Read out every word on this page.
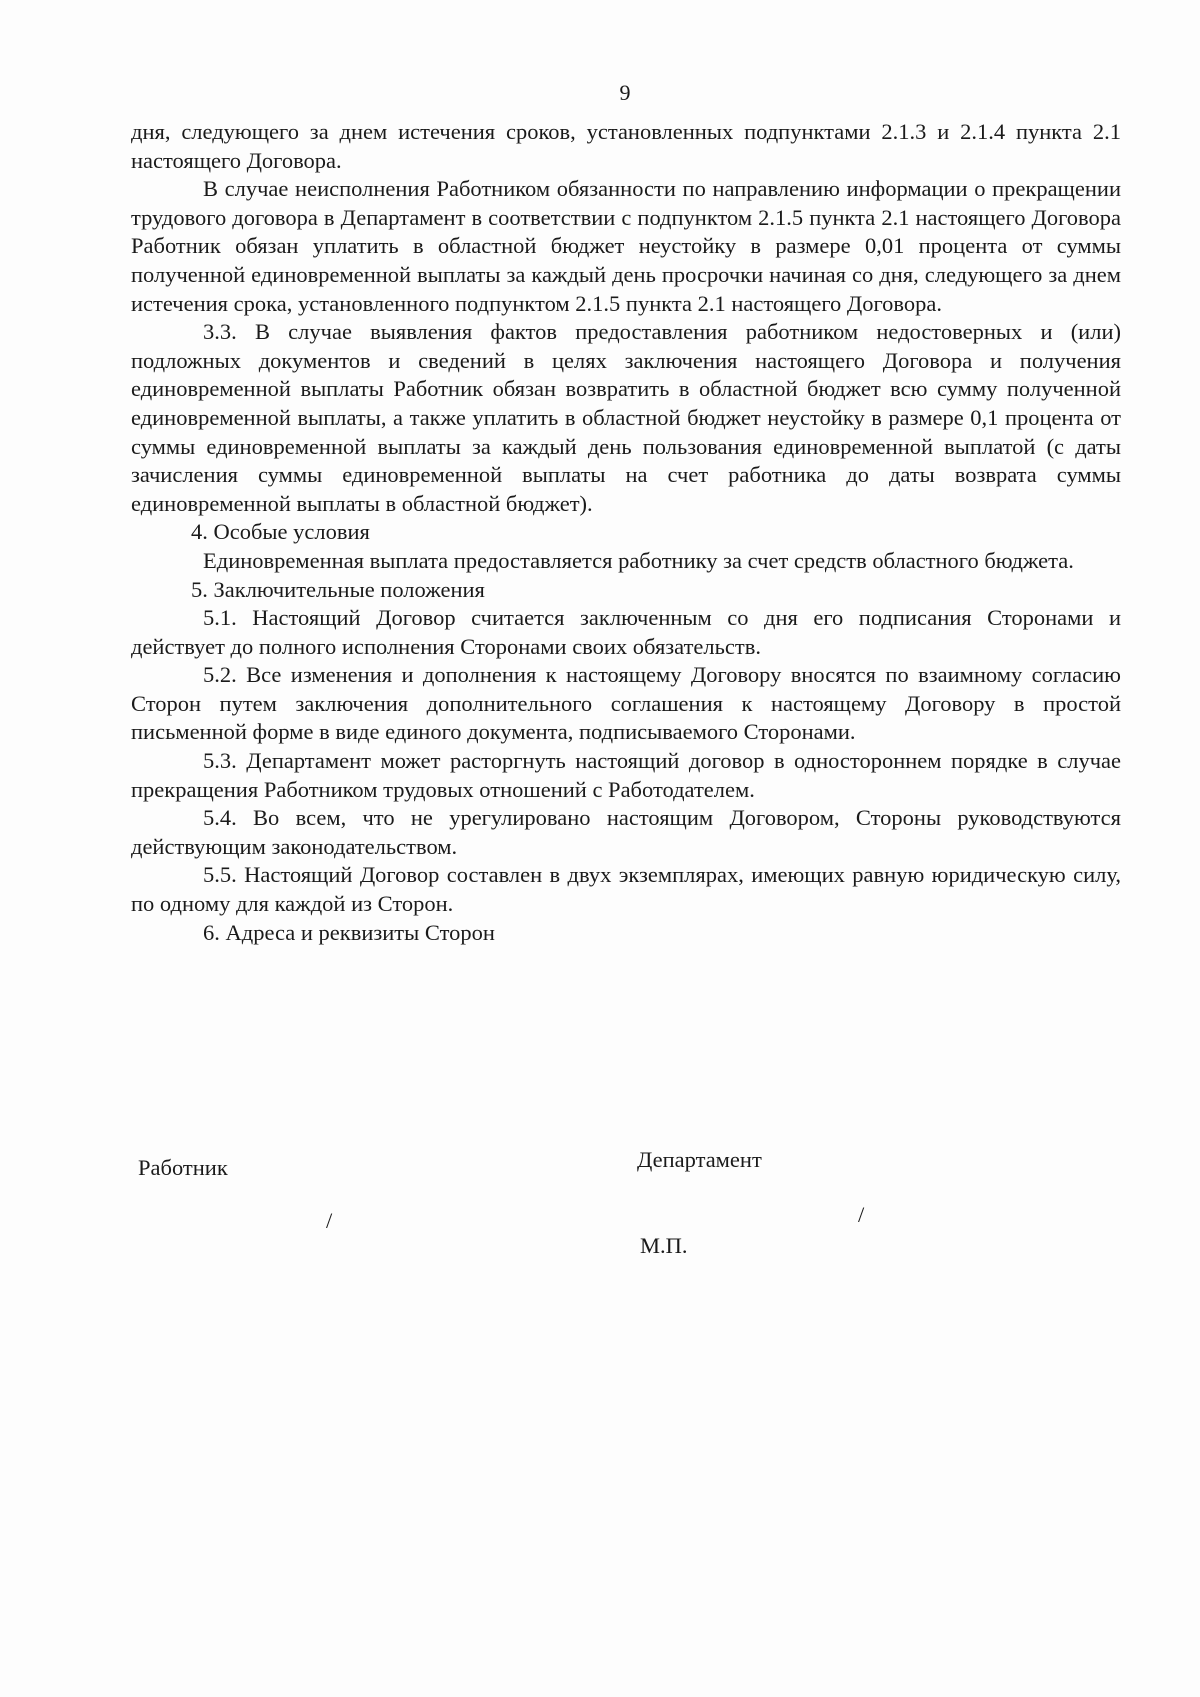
9

дня, следующего за днем истечения сроков, установленных подпунктами 2.1.3 и 2.1.4 пункта 2.1 настоящего Договора.

В случае неисполнения Работником обязанности по направлению информации о прекращении трудового договора в Департамент в соответствии с подпунктом 2.1.5 пункта 2.1 настоящего Договора Работник обязан уплатить в областной бюджет неустойку в размере 0,01 процента от суммы полученной единовременной выплаты за каждый день просрочки начиная со дня, следующего за днем истечения срока, установленного подпунктом 2.1.5 пункта 2.1 настоящего Договора.

3.3. В случае выявления фактов предоставления работником недостоверных и (или) подложных документов и сведений в целях заключения настоящего Договора и получения единовременной выплаты Работник обязан возвратить в областной бюджет всю сумму полученной единовременной выплаты, а также уплатить в областной бюджет неустойку в размере 0,1 процента от суммы единовременной выплаты за каждый день пользования единовременной выплатой (с даты зачисления суммы единовременной выплаты на счет работника до даты возврата суммы единовременной выплаты в областной бюджет).

4. Особые условия

Единовременная выплата предоставляется работнику за счет средств областного бюджета.

5. Заключительные положения

5.1. Настоящий Договор считается заключенным со дня его подписания Сторонами и действует до полного исполнения Сторонами своих обязательств.

5.2. Все изменения и дополнения к настоящему Договору вносятся по взаимному согласию Сторон путем заключения дополнительного соглашения к настоящему Договору в простой письменной форме в виде единого документа, подписываемого Сторонами.

5.3. Департамент может расторгнуть настоящий договор в одностороннем порядке в случае прекращения Работником трудовых отношений с Работодателем.

5.4. Во всем, что не урегулировано настоящим Договором, Стороны руководствуются действующим законодательством.

5.5. Настоящий Договор составлен в двух экземплярах, имеющих равную юридическую силу, по одному для каждой из Сторон.

6. Адреса и реквизиты Сторон

Работник	Департамент
/	/
М.П.
